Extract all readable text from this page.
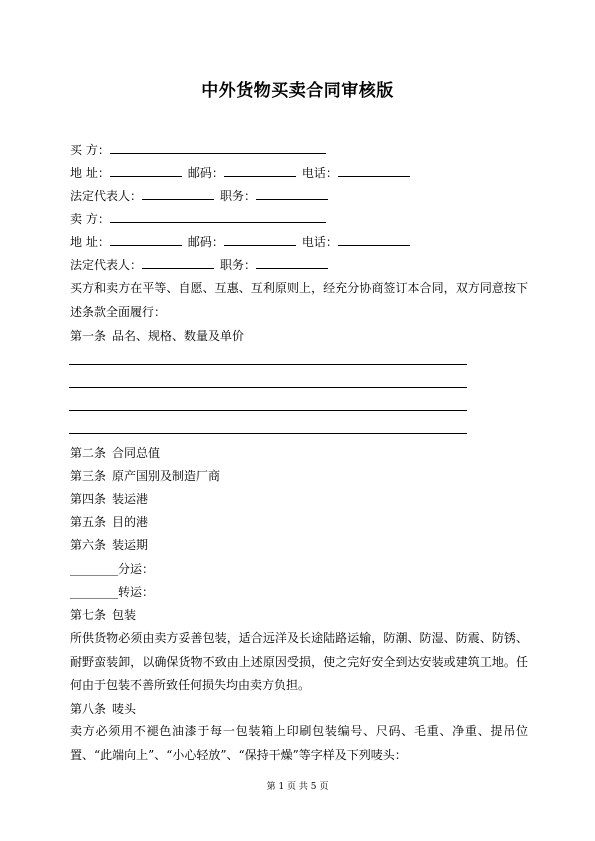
中外货物买卖合同审核版
买 方：
地 址：	邮码：	电话：
法定代表人：	职务：
卖 方：
地 址：	邮码：	电话：
法定代表人：	职务：
买方和卖方在平等、自愿、互惠、互利原则上，经充分协商签订本合同，双方同意按下述条款全面履行：
第一条 品名、规格、数量及单价
第二条 合同总值
第三条 原产国别及制造厂商
第四条 装运港
第五条 目的港
第六条 装运期
________分运：
________转运：
第七条 包装
所供货物必须由卖方妥善包装，适合远洋及长途陆路运输，防潮、防湿、防震、防锈、耐野蛮装卸，以确保货物不致由上述原因受损，使之完好安全到达安装或建筑工地。任何由于包装不善所致任何损失均由卖方负担。
第八条 唛头
卖方必须用不褪色油漆于每一包装箱上印刷包装编号、尺码、毛重、净重、提吊位置、“此端向上”、“小心轻放”、“保持干燥”等字样及下列唛头：
第 1 页 共 5 页
